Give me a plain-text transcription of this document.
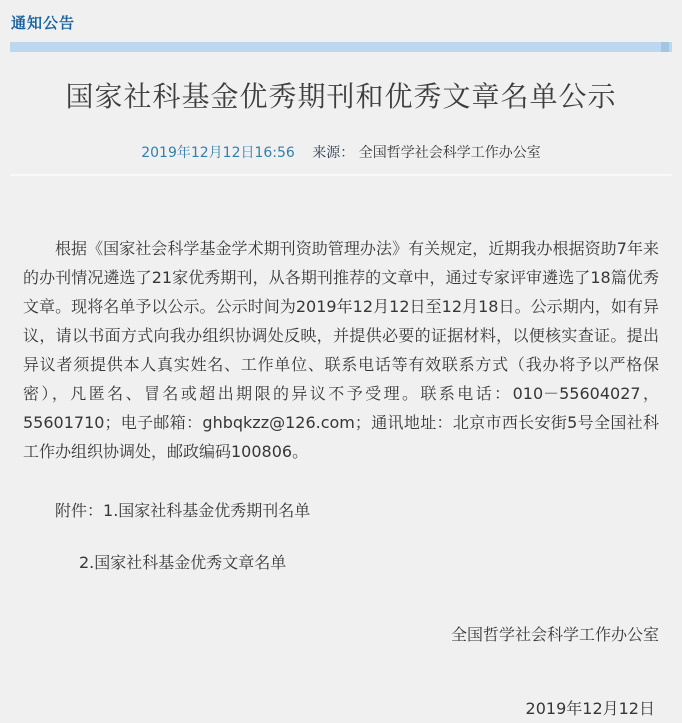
通知公告
国家社科基金优秀期刊和优秀文章名单公示
2019年12月12日16:56 来源： 全国哲学社会科学工作办公室

根据《国家社会科学基金学术期刊资助管理办法》有关规定，近期我办根据资助7年来的办刊情况遴选了21家优秀期刊，从各期刊推荐的文章中，通过专家评审遴选了18篇优秀文章。现将名单予以公示。公示时间为2019年12月12日至12月18日。公示期内，如有异议，请以书面方式向我办组织协调处反映，并提供必要的证据材料，以便核实查证。提出异议者须提供本人真实姓名、工作单位、联系电话等有效联系方式（我办将予以严格保密），凡匿名、冒名或超出期限的异议不予受理。联系电话：010－55604027，55601710；电子邮箱：ghbqkzz@126.com；通讯地址：北京市西长安街5号全国社科工作办组织协调处，邮政编码100806。

附件：1.国家社科基金优秀期刊名单

2.国家社科基金优秀文章名单

全国哲学社会科学工作办公室

2019年12月12日
